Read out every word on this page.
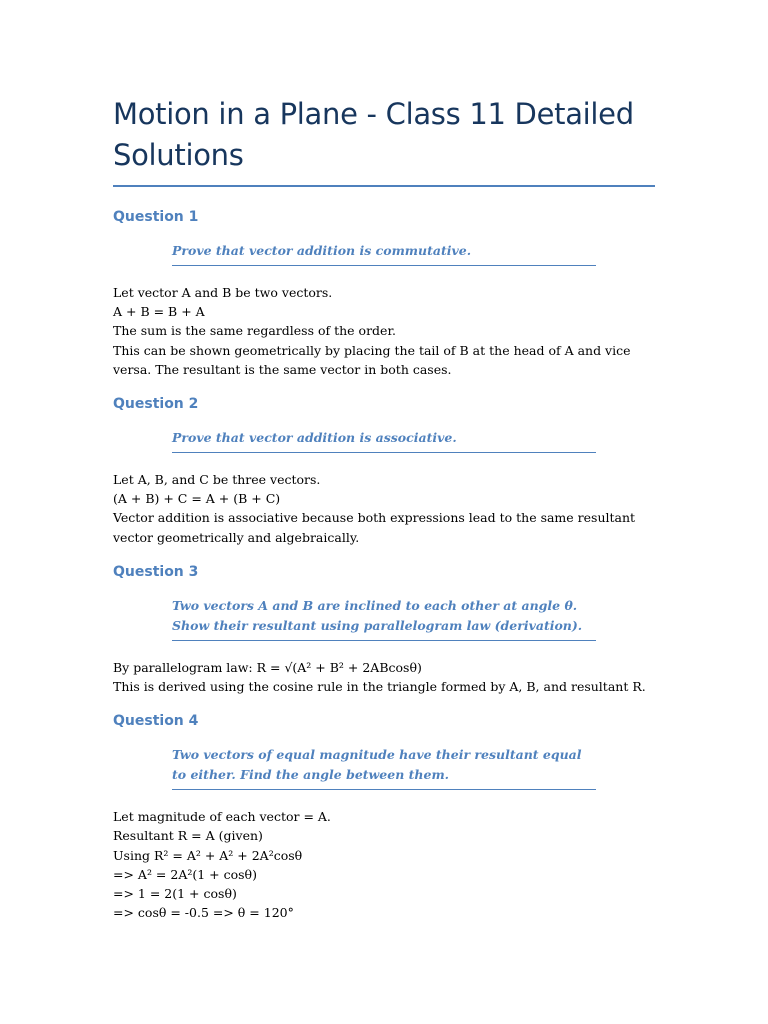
Motion in a Plane - Class 11 Detailed Solutions
Question 1
Prove that vector addition is commutative.
Let vector A and B be two vectors.
A + B = B + A
The sum is the same regardless of the order.
This can be shown geometrically by placing the tail of B at the head of A and vice versa. The resultant is the same vector in both cases.
Question 2
Prove that vector addition is associative.
Let A, B, and C be three vectors.
(A + B) + C = A + (B + C)
Vector addition is associative because both expressions lead to the same resultant vector geometrically and algebraically.
Question 3
Two vectors A and B are inclined to each other at angle θ. Show their resultant using parallelogram law (derivation).
By parallelogram law: R = √(A² + B² + 2ABcosθ)
This is derived using the cosine rule in the triangle formed by A, B, and resultant R.
Question 4
Two vectors of equal magnitude have their resultant equal to either. Find the angle between them.
Let magnitude of each vector = A.
Resultant R = A (given)
Using R² = A² + A² + 2A²cosθ
=> A² = 2A²(1 + cosθ)
=> 1 = 2(1 + cosθ)
=> cosθ = -0.5 => θ = 120°
